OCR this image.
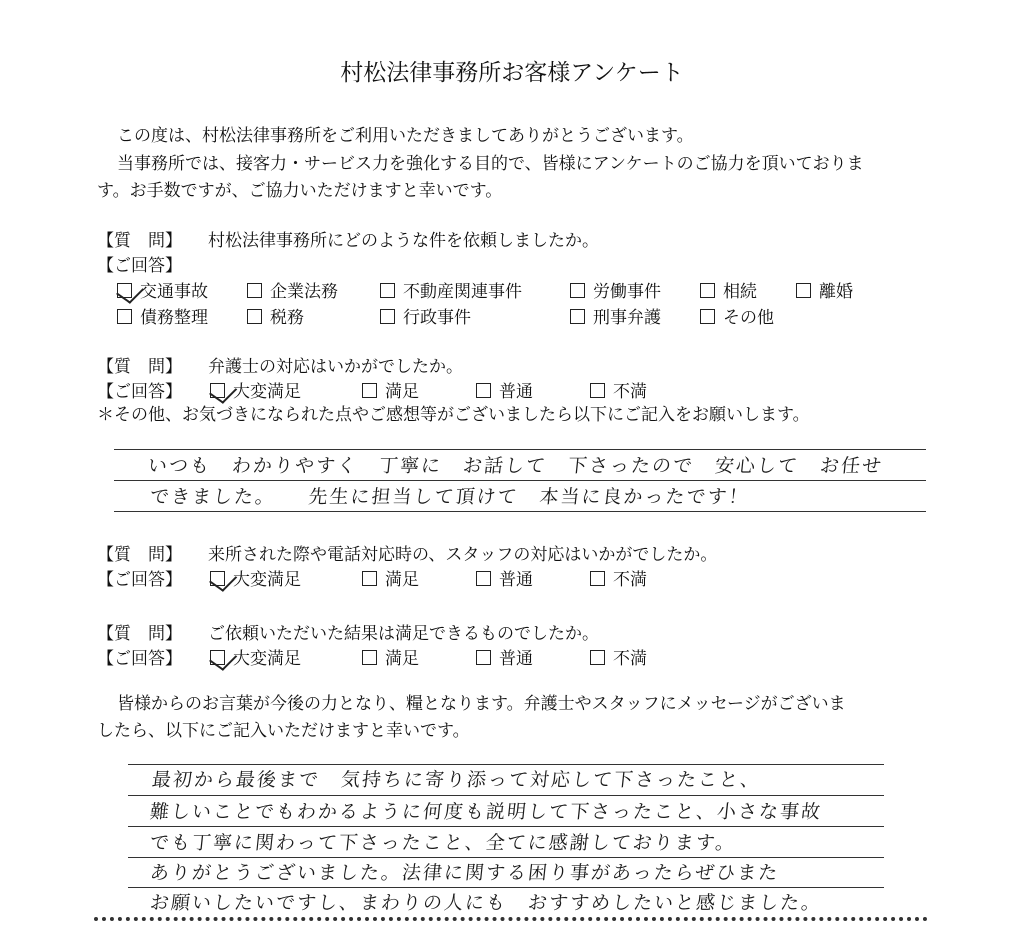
村松法律事務所お客様アンケート
この度は、村松法律事務所をご利用いただきましてありがとうございます。
当事務所では、接客力・サービス力を強化する目的で、皆様にアンケートのご協力を頂いておりま
す。お手数ですが、ご協力いただけますと幸いです。
【質　問】 村松法律事務所にどのような件を依頼しましたか。
【ご回答】
交通事故	企業法務	不動産関連事件	労働事件	相続	離婚
債務整理	税務	行政事件	刑事弁護	その他
【質　問】 弁護士の対応はいかがでしたか。
【ご回答】	大変満足	満足	普通	不満
＊その他、お気づきになられた点やご感想等がございましたら以下にご記入をお願いします。
いつも　わかりやすく　丁寧に　お話して　下さったので　安心して　お任せ
できました。　　先生に担当して頂けて　本当に良かったです！
【質　問】 来所された際や電話対応時の、スタッフの対応はいかがでしたか。
【ご回答】	大変満足	満足	普通	不満
【質　問】 ご依頼いただいた結果は満足できるものでしたか。
【ご回答】	大変満足	満足	普通	不満
皆様からのお言葉が今後の力となり、糧となります。弁護士やスタッフにメッセージがございま
したら、以下にご記入いただけますと幸いです。
最初から最後まで　気持ちに寄り添って対応して下さったこと、
難しいことでもわかるように何度も説明して下さったこと、小さな事故
でも丁寧に関わって下さったこと、全てに感謝しております。
ありがとうございました。法律に関する困り事があったらぜひまた
お願いしたいですし、まわりの人にも　おすすめしたいと感じました。
